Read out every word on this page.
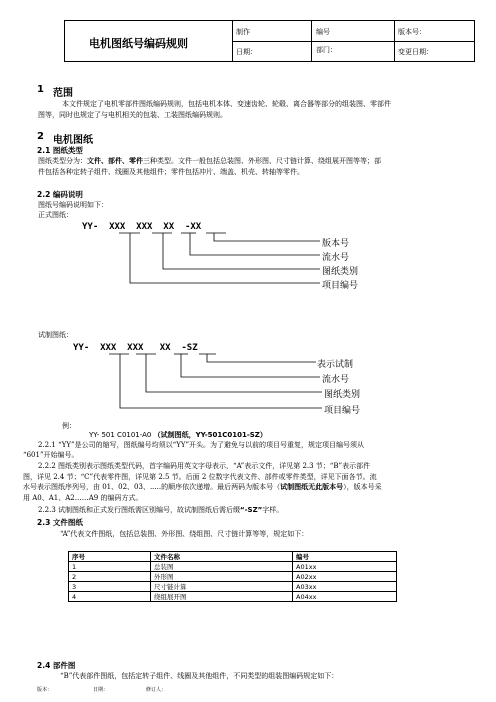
电机图纸号编码规则
制作	编号	版本号：
日期：	部门：	变更日期：
1 范围
本文件规定了电机零部件图纸编码规则，包括电机本体、变速齿轮、轮毂、离合器等部分的组装图、零部件
图等，同时也规定了与电机相关的包装、工装图纸编码规则。
2 电机图纸
2.1 图纸类型
图纸类型分为：文件、部件、零件三种类型。文件一般包括总装图、外形图、尺寸链计算、绕组展开图等等；部
件包括各种定转子组件、线圈及其他组件；零件包括冲片、端盖、机壳、转轴等零件。
2.2 编码说明
图纸号编码说明如下：
正式图纸：
YY-  XXX  XXX  XX  -XX
版本号
流水号
图纸类别
项目编号
试制图纸：
YY-  XXX  XXX   XX  -SZ
表示试制
流水号
图纸类别
项目编号
例：
YY- 501 C0101-A0 （试制图纸，YY-501C0101-SZ）
2.2.1 “YY”是公司的缩写，图纸编号均须以“YY”开头。为了避免与以前的项目号重复，规定项目编号须从
“601”开始编号。
2.2.2 图纸类别表示图纸类型代码，首字编码用英文字母表示，“A”表示文件，详见第 2.3 节；“B”表示部件
图，详见 2.4 节；“C”代表零件图，详见第 2.5 节。后面 2 位数字代表文件、部件或零件类型，详见下面各节。流
水号表示图纸序列号，由 01、02、03、.....的顺序依次递增。最后两码为版本号（试制图纸无此版本号），版本号采
用 A0、A1、A2……A9 的编码方式。
2.2.3 试制图纸和正式发行图纸需区别编号，故试制图纸后需后缀“-SZ”字样。
2.3 文件图纸
“A”代表文件图纸，包括总装图、外形图、绕组图、尺寸链计算等等，规定如下：
序号	文件名称	编号
1	总装图	A01xx
2	外形图	A02xx
3	尺寸链计算	A03xx
4	绕组展开图	A04xx
2.4 部件图
“B”代表部件图纸，包括定转子组件、线圈及其他组件，不同类型的组装图编码规定如下：
版本：	日期：	修订人：
